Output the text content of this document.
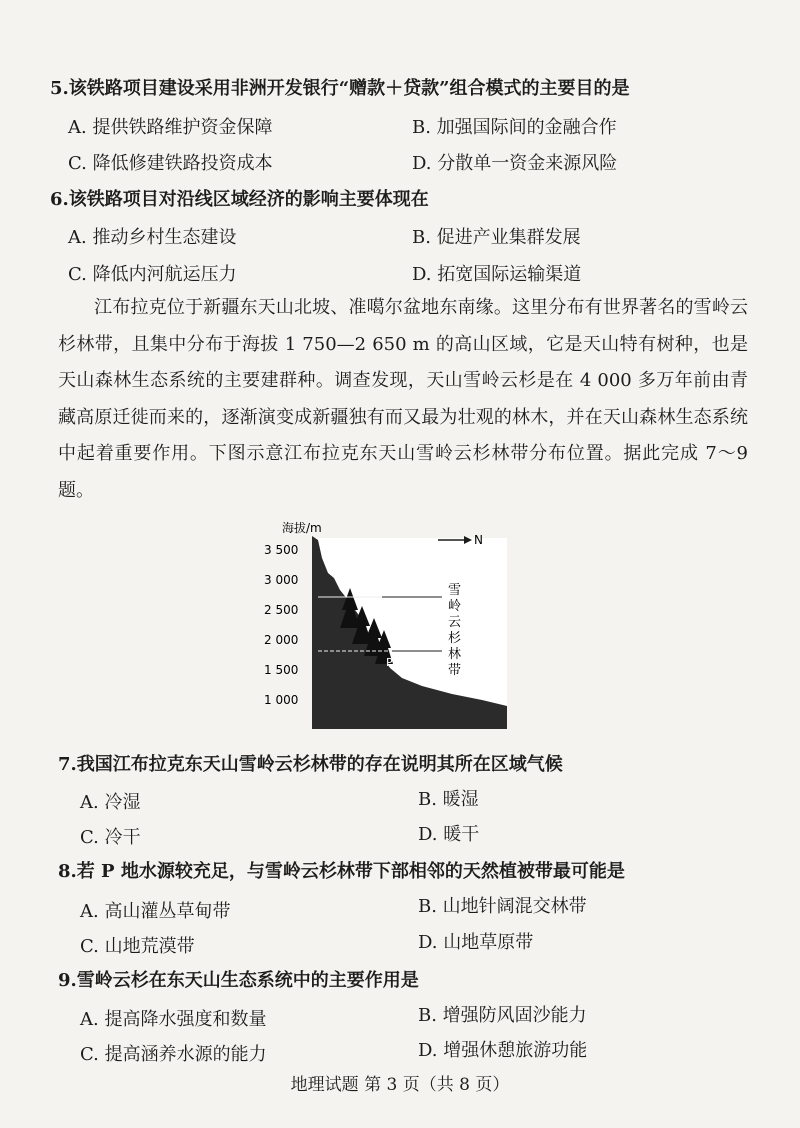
5.该铁路项目建设采用非洲开发银行“赠款＋贷款”组合模式的主要目的是
A. 提供铁路维护资金保障	B. 加强国际间的金融合作
C. 降低修建铁路投资成本	D. 分散单一资金来源风险
6.该铁路项目对沿线区域经济的影响主要体现在
A. 推动乡村生态建设	B. 促进产业集群发展
C. 降低内河航运压力	D. 拓宽国际运输渠道
江布拉克位于新疆东天山北坡、准噶尔盆地东南缘。这里分布有世界著名的雪岭云杉林带，且集中分布于海拔 1 750—2 650 m 的高山区域，它是天山特有树种，也是天山森林生态系统的主要建群种。调查发现，天山雪岭云杉是在 4 000 多万年前由青藏高原迁徙而来的，逐渐演变成新疆独有而又最为壮观的林木，并在天山森林生态系统中起着重要作用。下图示意江布拉克东天山雪岭云杉林带分布位置。据此完成 7～9 题。
海拔/m
3 500
3 000
2 500
2 000
1 500
1 000
P
N
雪
岭
云
杉
林
带
7.我国江布拉克东天山雪岭云杉林带的存在说明其所在区域气候
A. 冷湿	B. 暖湿
C. 冷干	D. 暖干
8.若 P 地水源较充足，与雪岭云杉林带下部相邻的天然植被带最可能是
A. 高山灌丛草甸带	B. 山地针阔混交林带
C. 山地荒漠带	D. 山地草原带
9.雪岭云杉在东天山生态系统中的主要作用是
A. 提高降水强度和数量	B. 增强防风固沙能力
C. 提高涵养水源的能力	D. 增强休憩旅游功能
地理试题 第 3 页（共 8 页）
